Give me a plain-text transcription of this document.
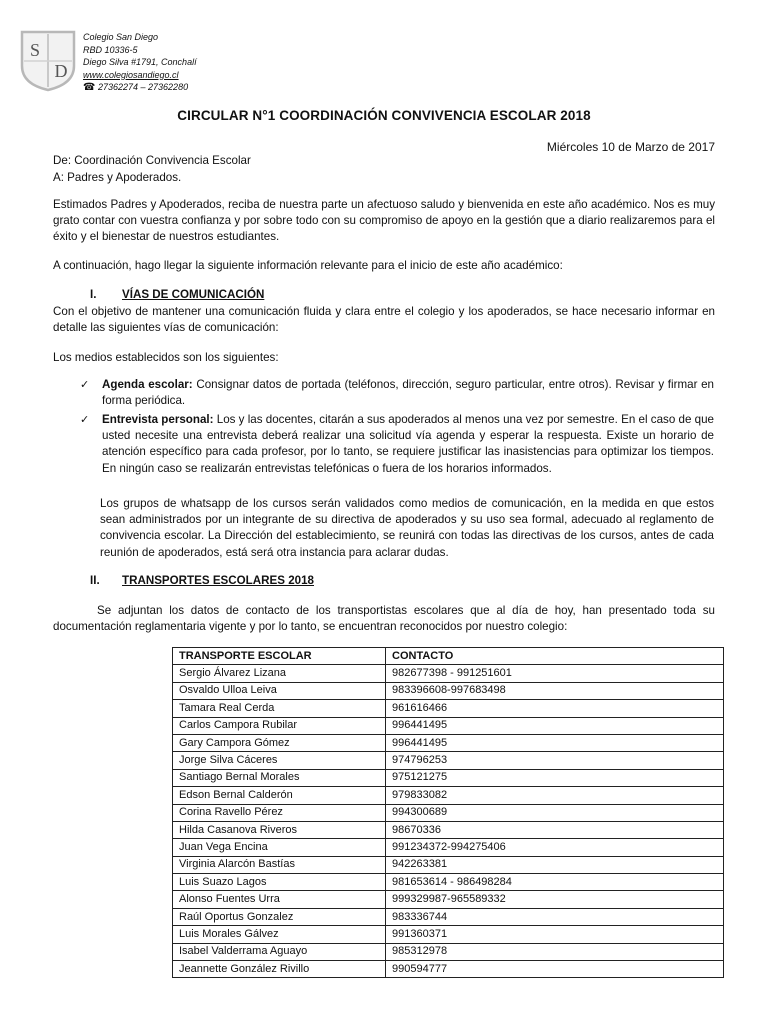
S
D
Colegio San Diego
RBD 10336-5
Diego Silva #1791, Conchalí
www.colegiosandiego.cl
☎ 27362274 – 27362280
CIRCULAR N°1 COORDINACIÓN CONVIVENCIA ESCOLAR 2018
Miércoles 10 de Marzo de 2017
De: Coordinación Convivencia Escolar
A: Padres y Apoderados.
Estimados Padres y Apoderados, reciba de nuestra parte un afectuoso saludo y bienvenida en este año académico. Nos es muy grato contar con vuestra confianza y por sobre todo con su compromiso de apoyo en la gestión que a diario realizaremos para el éxito y el bienestar de nuestros estudiantes.
A continuación, hago llegar la siguiente información relevante para el inicio de este año académico:
I. VÍAS DE COMUNICACIÓN
Con el objetivo de mantener una comunicación fluida y clara entre el colegio y los apoderados, se hace necesario informar en detalle las siguientes vías de comunicación:
Los medios establecidos son los siguientes:
✓	Agenda escolar: Consignar datos de portada (teléfonos, dirección, seguro particular, entre otros). Revisar y firmar en forma periódica.
✓	Entrevista personal: Los y las docentes, citarán a sus apoderados al menos una vez por semestre. En el caso de que usted necesite una entrevista deberá realizar una solicitud vía agenda y esperar la respuesta. Existe un horario de atención específico para cada profesor, por lo tanto, se requiere justificar las inasistencias para optimizar los tiempos. En ningún caso se realizarán entrevistas telefónicas o fuera de los horarios informados.
Los grupos de whatsapp de los cursos serán validados como medios de comunicación, en la medida en que estos sean administrados por un integrante de su directiva de apoderados y su uso sea formal, adecuado al reglamento de convivencia escolar. La Dirección del establecimiento, se reunirá con todas las directivas de los cursos, antes de cada reunión de apoderados, está será otra instancia para aclarar dudas.
II. TRANSPORTES ESCOLARES 2018
Se adjuntan los datos de contacto de los transportistas escolares que al día de hoy, han presentado toda su documentación reglamentaria vigente y por lo tanto, se encuentran reconocidos por nuestro colegio:
TRANSPORTE ESCOLAR	CONTACTO
Sergio Álvarez Lizana	982677398 - 991251601
Osvaldo Ulloa Leiva	983396608-997683498
Tamara Real Cerda	961616466
Carlos Campora Rubilar	996441495
Gary Campora Gómez	996441495
Jorge Silva Cáceres	974796253
Santiago Bernal Morales	975121275
Edson Bernal Calderón	979833082
Corina Ravello Pérez	994300689
Hilda Casanova Riveros	98670336
Juan Vega Encina	991234372-994275406
Virginia Alarcón Bastías	942263381
Luis Suazo Lagos	981653614 - 986498284
Alonso Fuentes Urra	999329987-965589332
Raúl Oportus Gonzalez	983336744
Luis Morales Gálvez	991360371
Isabel Valderrama Aguayo	985312978
Jeannette González Rivillo	990594777
